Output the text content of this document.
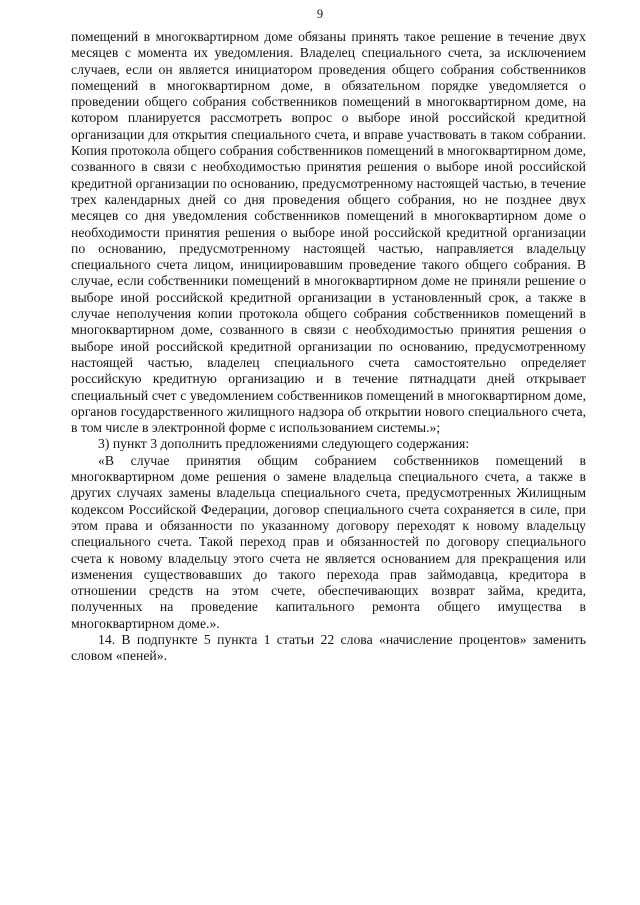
9

помещений в многоквартирном доме обязаны принять такое решение в течение двух месяцев с момента их уведомления. Владелец специального счета, за исключением случаев, если он является инициатором проведения общего собрания собственников помещений в многоквартирном доме, в обязательном порядке уведомляется о проведении общего собрания собственников помещений в многоквартирном доме, на котором планируется рассмотреть вопрос о выборе иной российской кредитной организации для открытия специального счета, и вправе участвовать в таком собрании. Копия протокола общего собрания собственников помещений в многоквартирном доме, созванного в связи с необходимостью принятия решения о выборе иной российской кредитной организации по основанию, предусмотренному настоящей частью, в течение трех календарных дней со дня проведения общего собрания, но не позднее двух месяцев со дня уведомления собственников помещений в многоквартирном доме о необходимости принятия решения о выборе иной российской кредитной организации по основанию, предусмотренному настоящей частью, направляется владельцу специального счета лицом, инициировавшим проведение такого общего собрания. В случае, если собственники помещений в многоквартирном доме не приняли решение о выборе иной российской кредитной организации в установленный срок, а также в случае неполучения копии протокола общего собрания собственников помещений в многоквартирном доме, созванного в связи с необходимостью принятия решения о выборе иной российской кредитной организации по основанию, предусмотренному настоящей частью, владелец специального счета самостоятельно определяет российскую кредитную организацию и в течение пятнадцати дней открывает специальный счет с уведомлением собственников помещений в многоквартирном доме, органов государственного жилищного надзора об открытии нового специального счета, в том числе в электронной форме с использованием системы.»;

3) пункт 3 дополнить предложениями следующего содержания:

«В случае принятия общим собранием собственников помещений в многоквартирном доме решения о замене владельца специального счета, а также в других случаях замены владельца специального счета, предусмотренных Жилищным кодексом Российской Федерации, договор специального счета сохраняется в силе, при этом права и обязанности по указанному договору переходят к новому владельцу специального счета. Такой переход прав и обязанностей по договору специального счета к новому владельцу этого счета не является основанием для прекращения или изменения существовавших до такого перехода прав займодавца, кредитора в отношении средств на этом счете, обеспечивающих возврат займа, кредита, полученных на проведение капитального ремонта общего имущества в многоквартирном доме.».

14. В подпункте 5 пункта 1 статьи 22 слова «начисление процентов» заменить словом «пеней».
